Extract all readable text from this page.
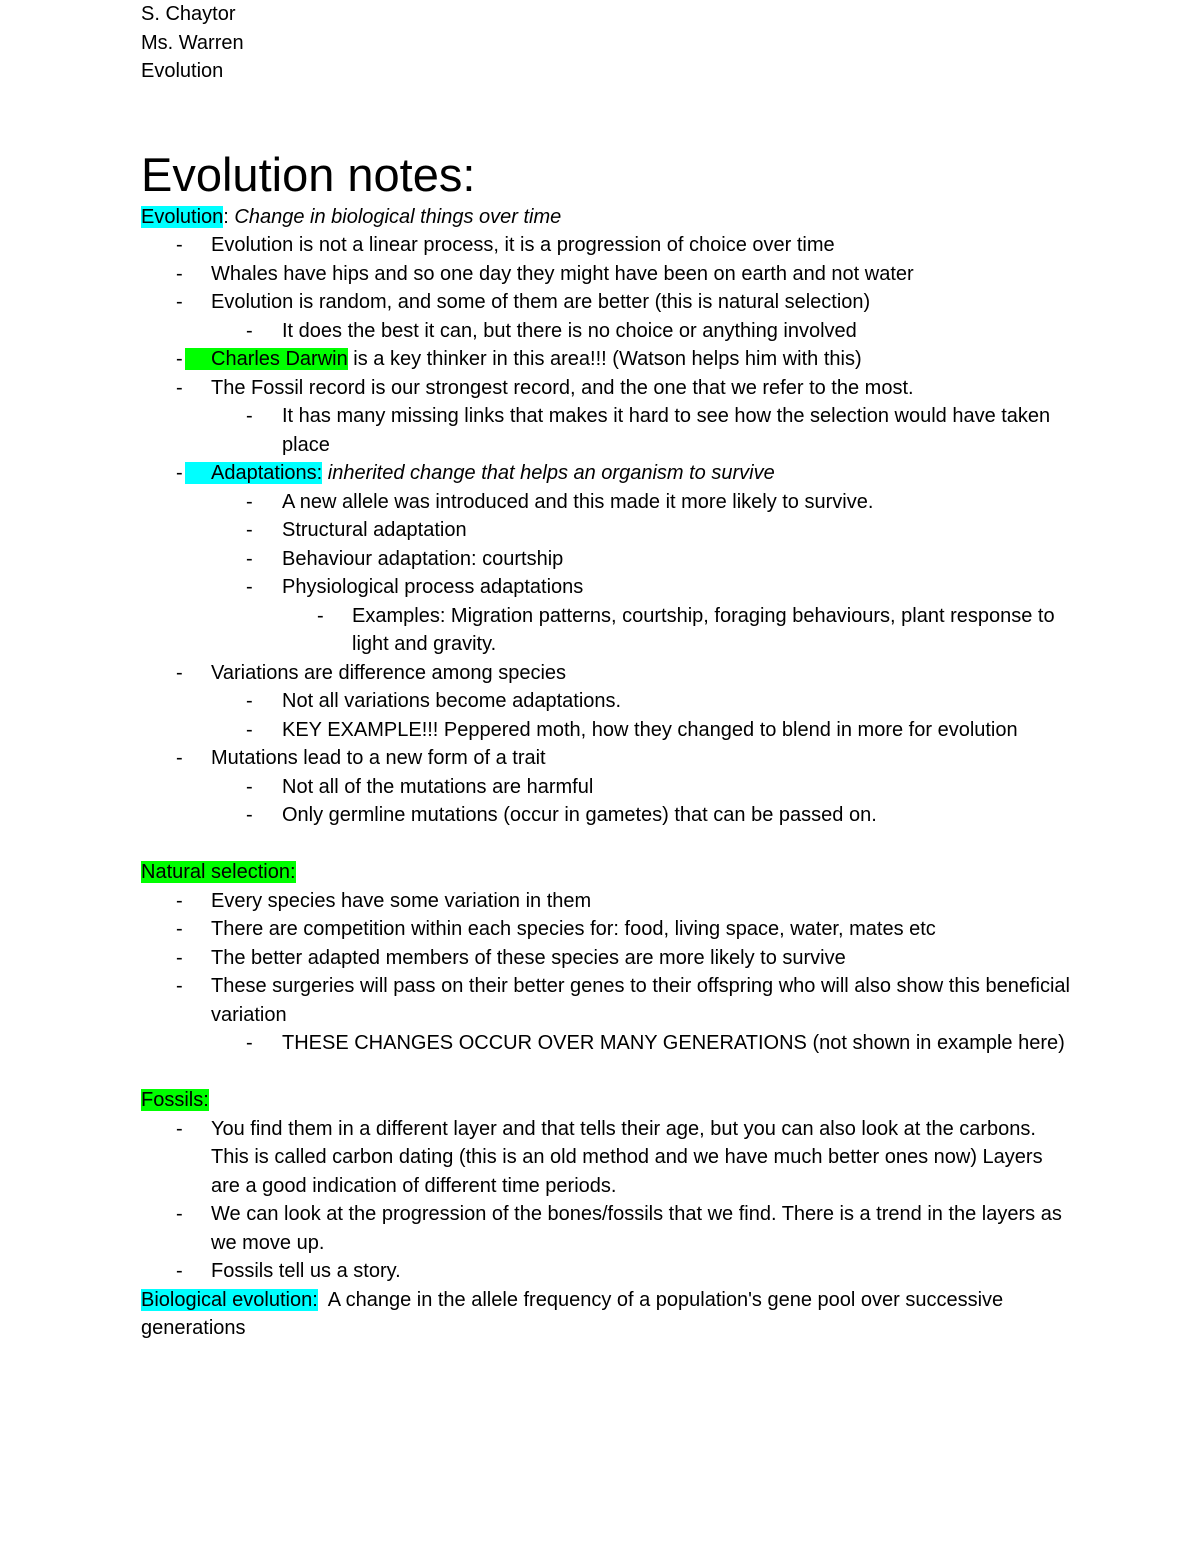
S. Chaytor
Ms. Warren
Evolution
Evolution notes:

Evolution: Change in biological things over time

-	Evolution is not a linear process, it is a progression of choice over time
-	Whales have hips and so one day they might have been on earth and not water
-	Evolution is random, and some of them are better (this is natural selection)
-	It does the best it can, but there is no choice or anything involved
-	Charles Darwin is a key thinker in this area!!! (Watson helps him with this)
-	The Fossil record is our strongest record, and the one that we refer to the most.
-	It has many missing links that makes it hard to see how the selection would have taken place
-	Adaptations: inherited change that helps an organism to survive
-	A new allele was introduced and this made it more likely to survive.
-	Structural adaptation
-	Behaviour adaptation: courtship
-	Physiological process adaptations
-	Examples: Migration patterns, courtship, foraging behaviours, plant response to light and gravity.
-	Variations are difference among species
-	Not all variations become adaptations.
-	KEY EXAMPLE!!! Peppered moth, how they changed to blend in more for evolution
-	Mutations lead to a new form of a trait
-	Not all of the mutations are harmful
-	Only germline mutations (occur in gametes) that can be passed on.

Natural selection:

-	Every species have some variation in them
-	There are competition within each species for: food, living space, water, mates etc
-	The better adapted members of these species are more likely to survive
-	These surgeries will pass on their better genes to their offspring who will also show this beneficial variation
-	THESE CHANGES OCCUR OVER MANY GENERATIONS (not shown in example here)

Fossils:

-	You find them in a different layer and that tells their age, but you can also look at the carbons. This is called carbon dating (this is an old method and we have much better ones now) Layers are a good indication of different time periods.
-	We can look at the progression of the bones/fossils that we find. There is a trend in the layers as we move up.
-	Fossils tell us a story.

Biological evolution:  A change in the allele frequency of a population's gene pool over successive generations
